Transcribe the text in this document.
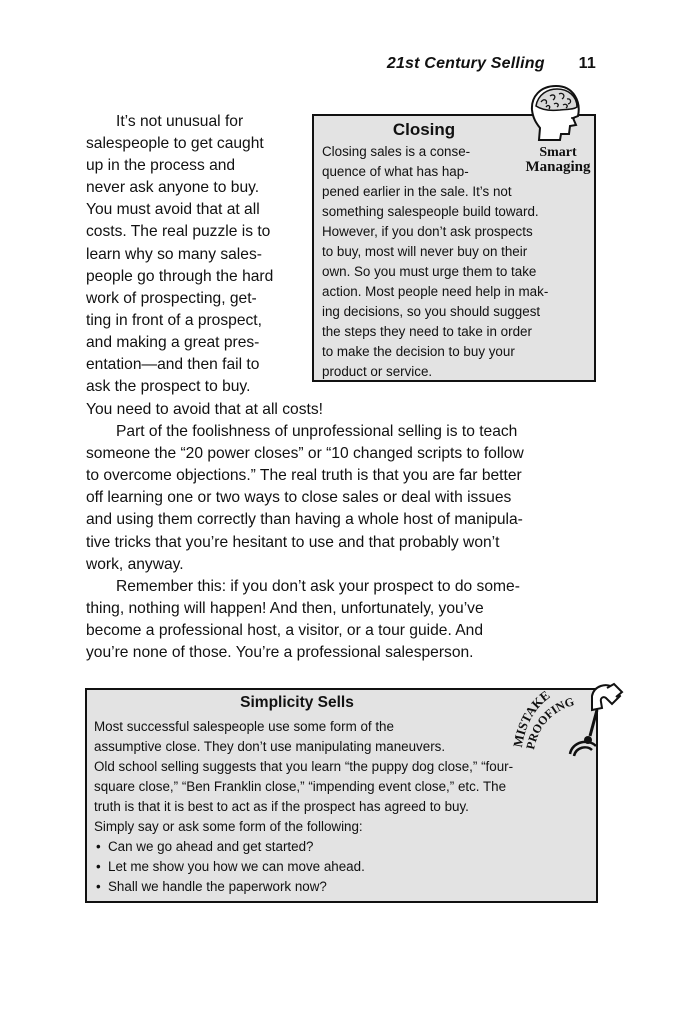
21st Century Selling 11
Closing
Closing sales is a conse-
quence of what has hap-
pened earlier in the sale. It’s not
something salespeople build toward.
However, if you don’t ask prospects
to buy, most will never buy on their
own. So you must urge them to take
action. Most people need help in mak-
ing decisions, so you should suggest
the steps they need to take in order
to make the decision to buy your
product or service.
Smart
Managing
It’s not unusual for
salespeople to get caught
up in the process and
never ask anyone to buy.
You must avoid that at all
costs. The real puzzle is to
learn why so many sales-
people go through the hard
work of prospecting, get-
ting in front of a prospect,
and making a great pres-
entation—and then fail to
ask the prospect to buy.
You need to avoid that at all costs!
Part of the foolishness of unprofessional selling is to teach
someone the “20 power closes” or “10 changed scripts to follow
to overcome objections.” The real truth is that you are far better
off learning one or two ways to close sales or deal with issues
and using them correctly than having a whole host of manipula-
tive tricks that you’re hesitant to use and that probably won’t
work, anyway.
Remember this: if you don’t ask your prospect to do some-
thing, nothing will happen! And then, unfortunately, you’ve
become a professional host, a visitor, or a tour guide. And
you’re none of those. You’re a professional salesperson.
Simplicity Sells
Most successful salespeople use some form of the
assumptive close. They don’t use manipulating maneuvers.
Old school selling suggests that you learn “the puppy dog close,” “four-
square close,” “Ben Franklin close,” “impending event close,” etc. The
truth is that it is best to act as if the prospect has agreed to buy.
Simply say or ask some form of the following:
• Can we go ahead and get started?
• Let me show you how we can move ahead.
• Shall we handle the paperwork now?
MISTAKE
PROOFING
